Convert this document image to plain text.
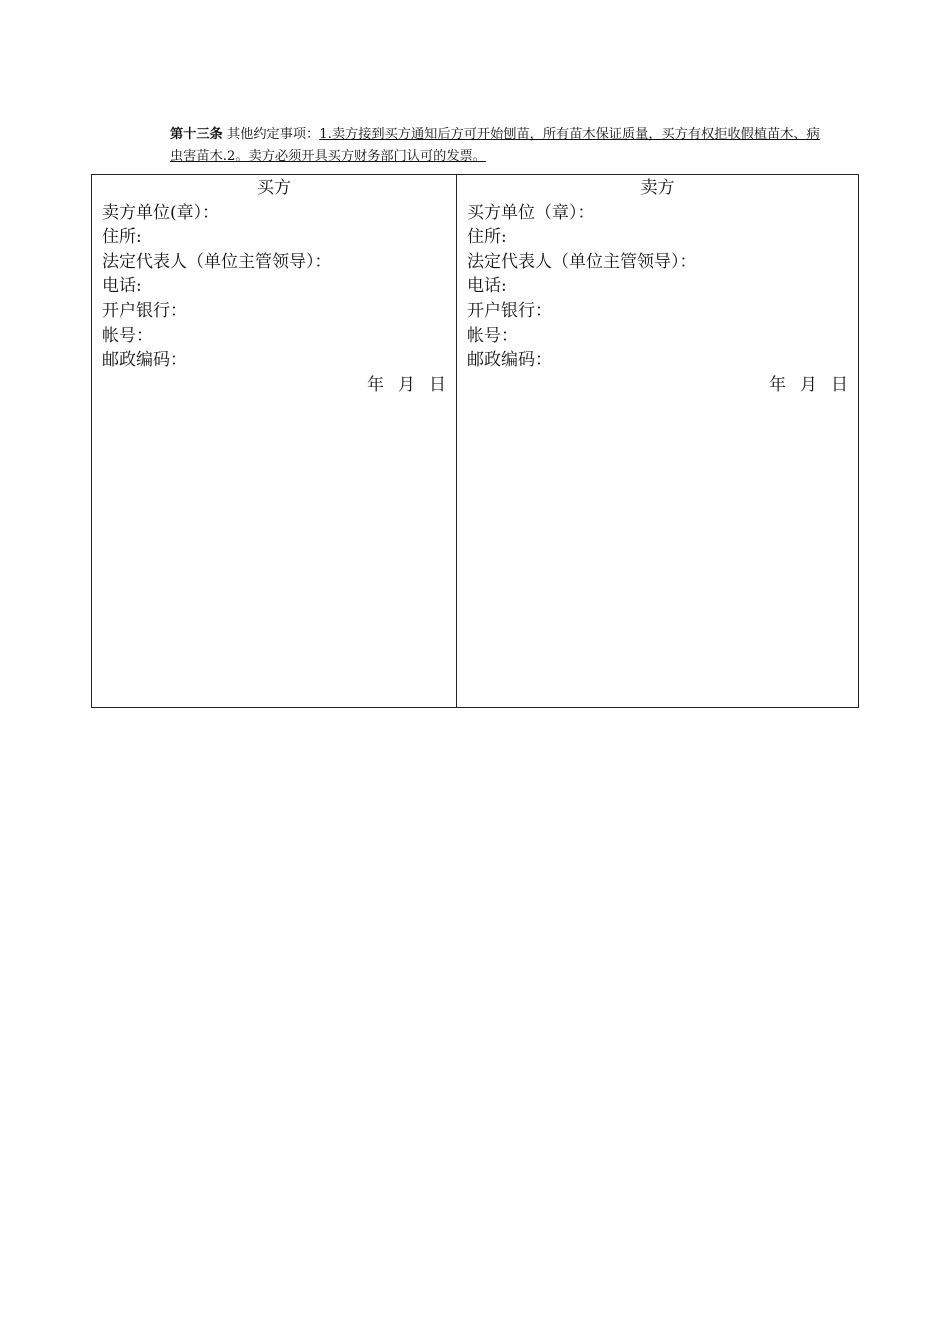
第十三条 其他约定事项：1.卖方接到买方通知后方可开始刨苗，所有苗木保证质量，买方有权拒收假植苗木、病虫害苗木.2。卖方必须开具买方财务部门认可的发票。
买方
卖方单位(章）：
住所:
法定代表人（单位主管领导）：
电话:
开户银行：
帐号：
邮政编码：
年 月 日

卖方
买方单位（章）：
住所:
法定代表人（单位主管领导）：
电话:
开户银行：
帐号：
邮政编码：
年 月 日
